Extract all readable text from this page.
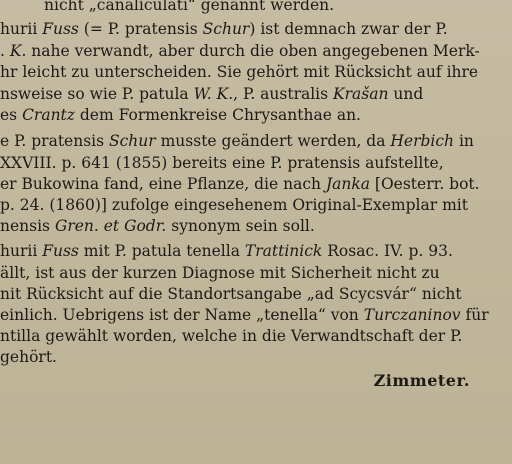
nicht „canaliculati“ genannt werden.
hurii Fuss (= P. pratensis Schur) ist demnach zwar der P.
. K. nahe verwandt, aber durch die oben angegebenen Merk-
hr leicht zu unterscheiden. Sie gehört mit Rücksicht auf ihre
nsweise so wie P. patula W. K., P. australis Krašan und
es Crantz dem Formenkreise Chrysanthae an.
e P. pratensis Schur musste geändert werden, da Herbich in
XXVIII. p. 641 (1855) bereits eine P. pratensis aufstellte,
er Bukowina fand, eine Pflanze, die nach Janka [Oesterr. bot.
p. 24. (1860)] zufolge eingesehenem Original-Exemplar mit
nensis Gren. et Godr. synonym sein soll.
hurii Fuss mit P. patula tenella Trattinick Rosac. IV. p. 93.
ällt, ist aus der kurzen Diagnose mit Sicherheit nicht zu
nit Rücksicht auf die Standortsangabe „ad Scycsvár“ nicht
einlich. Uebrigens ist der Name „tenella“ von Turczaninov für
ntilla gewählt worden, welche in die Verwandtschaft der P.
gehört.
Zimmeter.
